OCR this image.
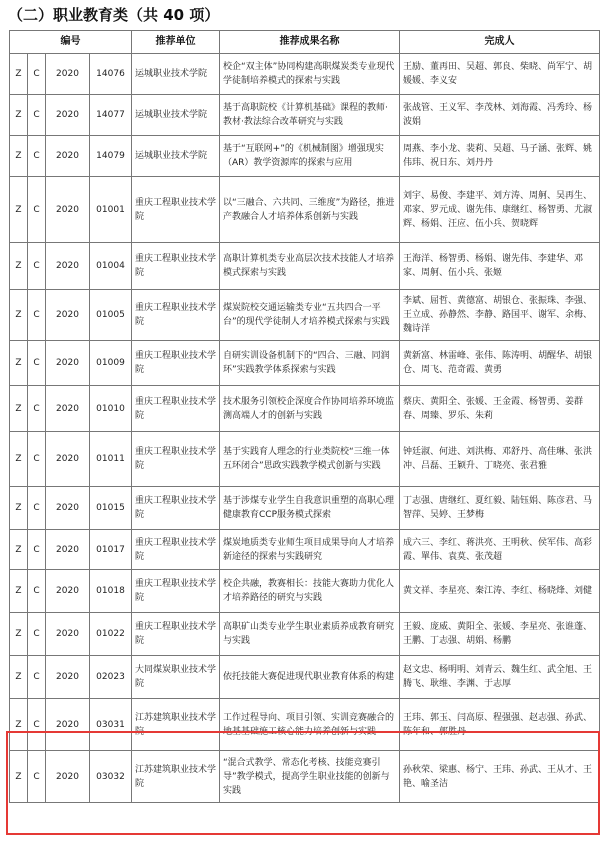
（二）职业教育类（共 40 项）
编号				推荐单位	推荐成果名称	完成人
Z	C	2020	14076	运城职业技术学院	校企“双主体”协同构建高职煤炭类专业现代学徒制培养模式的探索与实践	王励、董再田、吴超、郭良、柴晓、尚军宁、胡媛媛、李义安
Z	C	2020	14077	运城职业技术学院	基于高职院校《计算机基础》课程的教师·教材·教法综合改革研究与实践	张战管、王义军、李茂林、刘海霞、冯秀玲、杨波娟
Z	C	2020	14079	运城职业技术学院	基于“互联网+”的《机械制图》增强现实（AR）教学资源库的探索与应用	周燕、李小龙、裴莉、吴超、马子涵、张辉、姚伟玮、祝日东、刘丹丹
Z	C	2020	01001	重庆工程职业技术学院	以“三融合、六共同、三维度”为路径，推进产教融合人才培养体系创新与实践	刘宇、易俊、李建平、刘方涛、周舸、吴再生、邓家、罗元成、谢先伟、康继红、杨智勇、尤淑辉、杨娟、汪应、伍小兵、贺晓辉
Z	C	2020	01004	重庆工程职业技术学院	高职计算机类专业高层次技术技能人才培养模式探索与实践	王海洋、杨智勇、杨娟、谢先伟、李建华、邓家、周舸、伍小兵、张姬
Z	C	2020	01005	重庆工程职业技术学院	煤炭院校交通运输类专业“五共四合一平台”的现代学徒制人才培养模式探索与实践	李斌、屈哲、黄德富、胡银仓、张振珠、李强、王立成、孙静然、李静、路国平、谢军、余梅、魏诗洋
Z	C	2020	01009	重庆工程职业技术学院	自研实训设备机制下的“四合、三融、同润环”实践教学体系探索与实践	黄新富、林雷峰、张伟、陈涛明、胡醒华、胡银仓、周飞、范奇霞、黄勇
Z	C	2020	01010	重庆工程职业技术学院	技术服务引领校企深度合作协同培养环境监测高端人才的创新与实践	蔡庆、黄阳全、张媛、王金霞、杨智勇、姜群春、周臻、罗乐、朱莉
Z	C	2020	01011	重庆工程职业技术学院	基于实践育人理念的行业类院校“三维一体 五环闭合”思政实践教学模式创新与实践	钟廷淑、何进、刘洪梅、邓舒丹、高佳琳、张洪冲、吕磊、王颖升、丁晓亮、张君雅
Z	C	2020	01015	重庆工程职业技术学院	基于涉煤专业学生自我意识重塑的高职心理健康教育CCP服务模式探索	丁志强、唐继红、夏红毅、陆钰娟、陈彦君、马智萍、吴婷、王梦梅
Z	C	2020	01017	重庆工程职业技术学院	煤炭地质类专业师生项目成果导向人才培养新途径的探索与实践研究	成六三、李红、蒋洪亮、王明秋、侯军伟、高彩霞、單伟、袁莫、张茂超
Z	C	2020	01018	重庆工程职业技术学院	校企共融，教赛相长：技能大赛助力优化人才培养路径的研究与实践	黄文祥、李星亮、秦江涛、李红、杨晓烽、刘健
Z	C	2020	01022	重庆工程职业技术学院	高职矿山类专业学生职业素质养成教育研究与实践	王毅、庞威、黄阳全、张媛、李星亮、张谁蓬、王鹏、丁志强、胡娟、杨鹏
Z	C	2020	02023	大同煤炭职业技术学院	依托技能大赛促进现代职业教育体系的构建	赵文忠、杨明明、刘青云、魏生红、武全旭、王腾飞、耿维、李渊、于志厚
Z	C	2020	03031	江苏建筑职业技术学院	工作过程导向、项目引领、实训竞赛融合的地基基础施工核心能力培养创新与实践	王玮、郭玉、闫高原、程强强、赵志强、孙武、陈年和、郭胜丹
Z	C	2020	03032	江苏建筑职业技术学院	“混合式教学、常态化考核、技能竞赛引导”教学模式，提高学生职业技能的创新与实践	孙秋荣、梁惠、杨宁、王玮、孙武、王从才、王艳、喻圣洁
